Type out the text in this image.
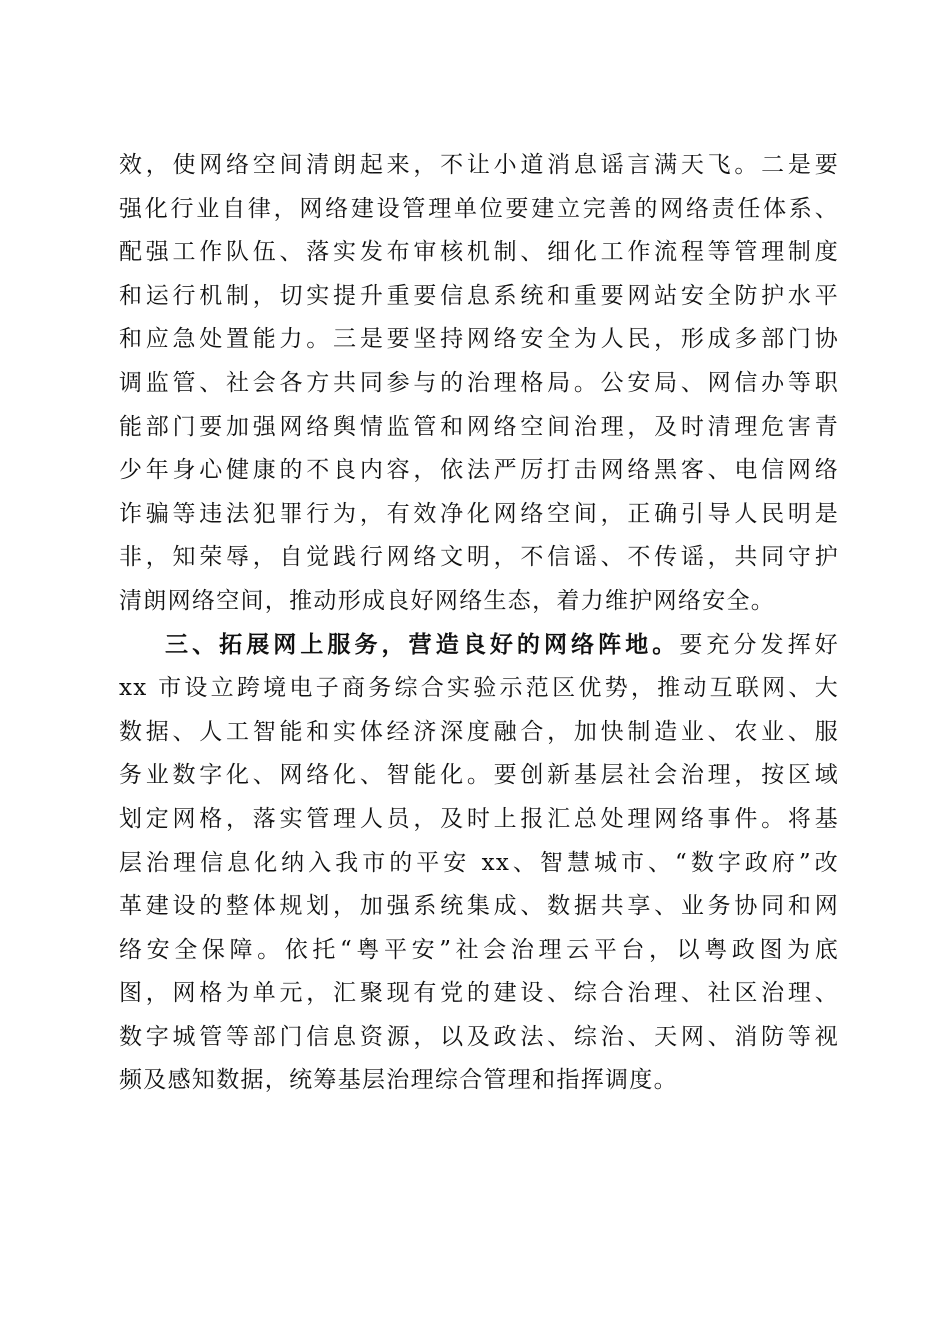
效，使网络空间清朗起来，不让小道消息谣言满天飞。二是要
强化行业自律，网络建设管理单位要建立完善的网络责任体系、
配强工作队伍、落实发布审核机制、细化工作流程等管理制度
和运行机制，切实提升重要信息系统和重要网站安全防护水平
和应急处置能力。三是要坚持网络安全为人民，形成多部门协
调监管、社会各方共同参与的治理格局。公安局、网信办等职
能部门要加强网络舆情监管和网络空间治理，及时清理危害青
少年身心健康的不良内容，依法严厉打击网络黑客、电信网络
诈骗等违法犯罪行为，有效净化网络空间，正确引导人民明是
非，知荣辱，自觉践行网络文明，不信谣、不传谣，共同守护
清朗网络空间，推动形成良好网络生态，着力维护网络安全。
三、拓展网上服务，营造良好的网络阵地。要充分发挥好
xx 市设立跨境电子商务综合实验示范区优势，推动互联网、大
数据、人工智能和实体经济深度融合，加快制造业、农业、服
务业数字化、网络化、智能化。要创新基层社会治理，按区域
划定网格，落实管理人员，及时上报汇总处理网络事件。将基
层治理信息化纳入我市的平安 xx、智慧城市、“数字政府”改
革建设的整体规划，加强系统集成、数据共享、业务协同和网
络安全保障。依托“粤平安”社会治理云平台，以粤政图为底
图，网格为单元，汇聚现有党的建设、综合治理、社区治理、
数字城管等部门信息资源，以及政法、综治、天网、消防等视
频及感知数据，统筹基层治理综合管理和指挥调度。
